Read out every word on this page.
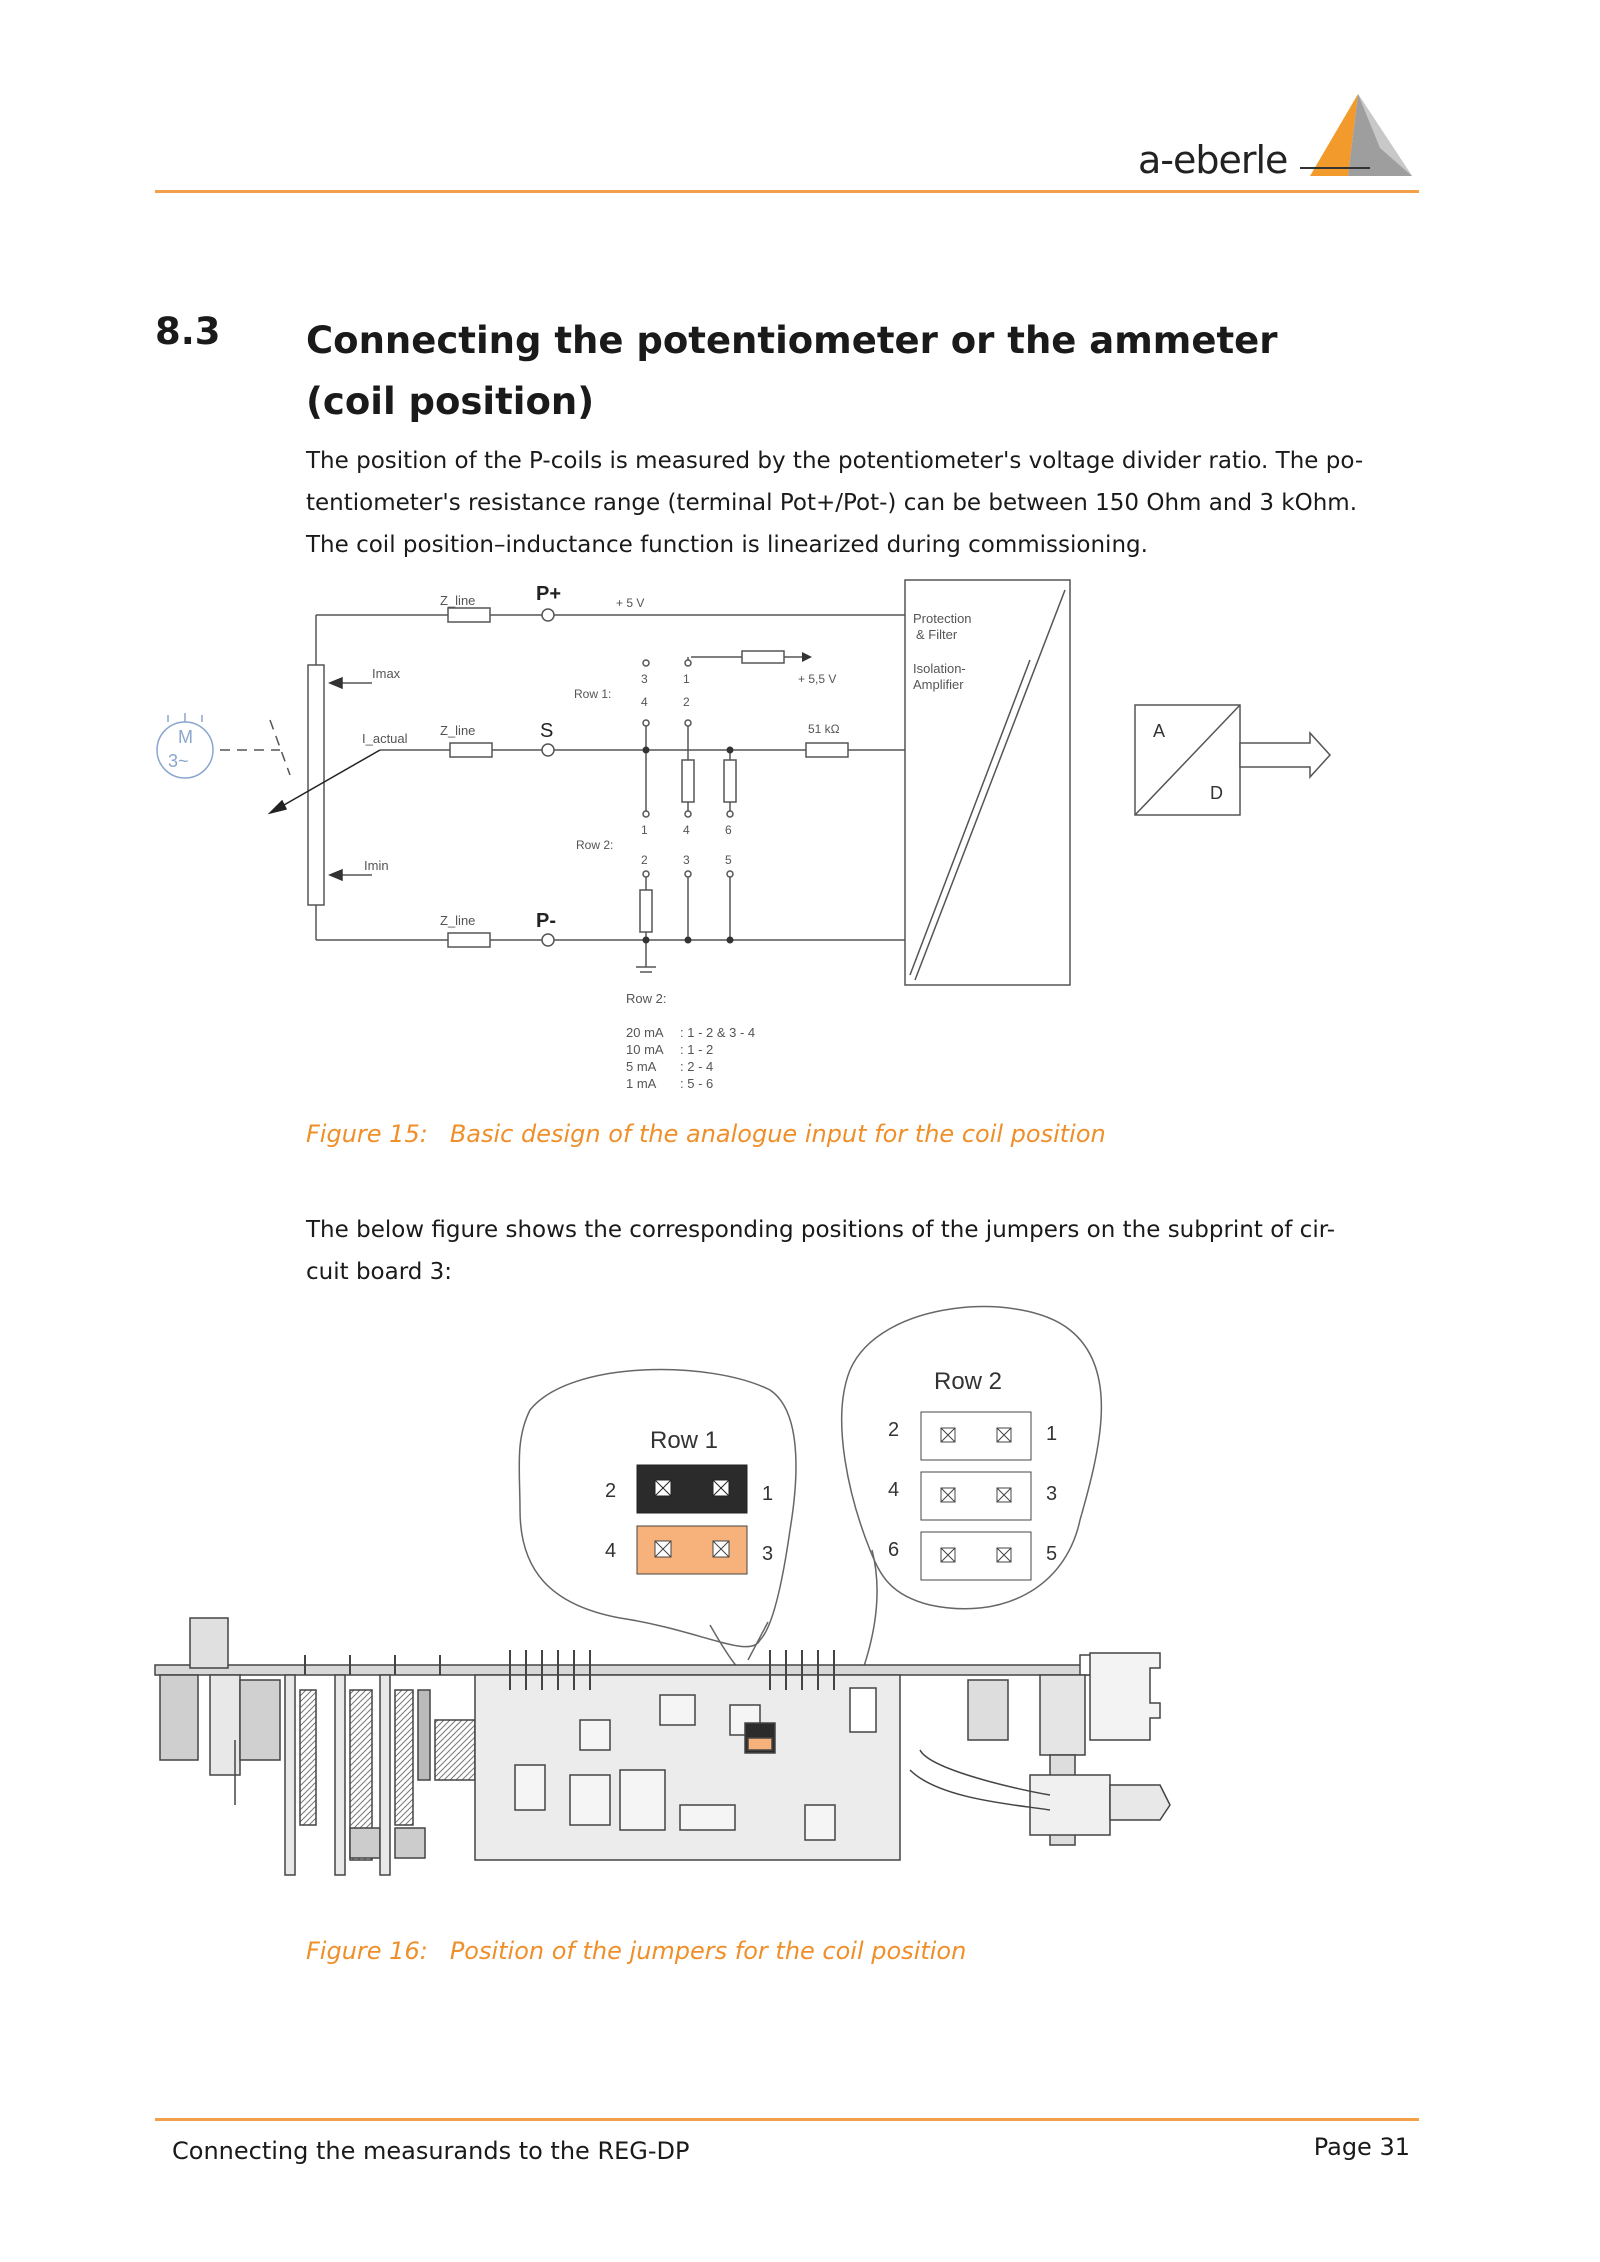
a-eberle
8.3 Connecting the potentiometer or the ammeter
(coil position)
The position of the P-coils is measured by the potentiometer's voltage divider ratio. The po-
tentiometer's resistance range (terminal Pot+/Pot-) can be between 150 Ohm and 3 kOhm.
The coil position–inductance function is linearized during commissioning.
Z_line
Z_line
Z_line
+ 5 V
+ 5,5 V
51 kΩ
Imax
I_actual
Imin
Row 1:
Row 2:
3	1
4	2
1	4	6
2	3	5
Protection
& Filter
Isolation-
Amplifier
P+
S
P-
A
D
M
3~
Row 2:
20 mA : 1 - 2 & 3 - 4
10 mA : 1 - 2
5 mA : 2 - 4
1 mA : 5 - 6
Figure 15: Basic design of the analogue input for the coil position
The below figure shows the corresponding positions of the jumpers on the subprint of cir-
cuit board 3:
Row 1
2	1
4	3
Row 2
2	1
4	3
6	5
Figure 16: Position of the jumpers for the coil position
Connecting the measurands to the REG-DP	Page 31
